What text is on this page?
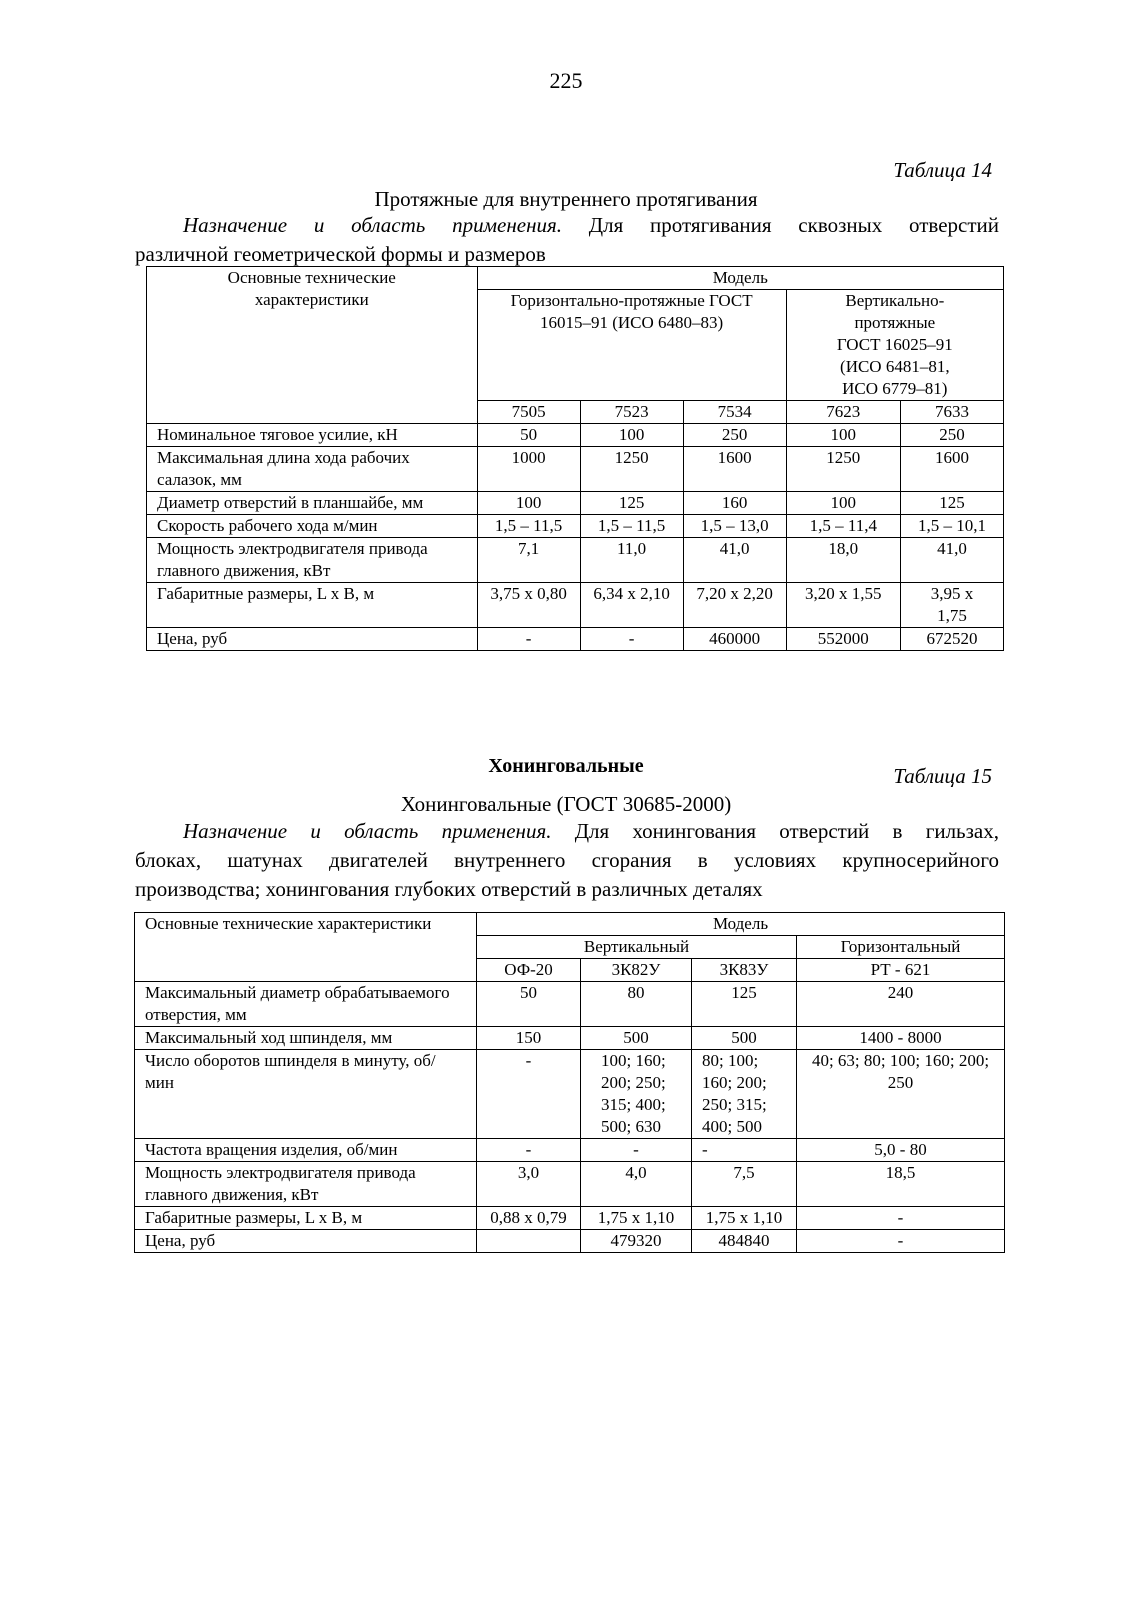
225
Таблица 14
Протяжные для внутреннего протягивания
Назначение и область применения. Для протягивания сквозных отверстий
различной геометрической формы и размеров
Основные технические характеристики	Модель				
	Горизонтально-протяжные ГОСТ 16015–91 (ИСО 6480–83)			Вертикально-
протяжные
ГОСТ 16025–91
(ИСО 6481–81,
ИСО 6779–81)	

	7505	7523	7534	7623	7633
Номинальное тяговое усилие, кН	50	100	250	100	250
Максимальная длина хода рабочих салазок, мм	1000	1250	1600	1250	1600
Диаметр отверстий в планшайбе, мм	100	125	160	100	125
Скорость рабочего хода м/мин	1,5 – 11,5	1,5 – 11,5	1,5 – 13,0	1,5 – 11,4	1,5 – 10,1
Мощность электродвигателя привода главного движения, кВт	7,1	11,0	41,0	18,0	41,0
Габаритные размеры, L x B, м	3,75 x 0,80	6,34 x 2,10	7,20 x 2,20	3,20 x 1,55	3,95 x 1,75
Цена, руб	-	-	460000	552000	672520
Хонинговальные	Таблица 15
Хонинговальные (ГОСТ 30685-2000)
Назначение и область применения. Для хонингования отверстий в гильзах,
блоках, шатунах двигателей внутреннего сгорания в условиях крупносерийного
производства; хонингования глубоких отверстий в различных деталях
Основные технические характеристики	Модель			
	Вертикальный			Горизонтальный
	ОФ-20	3К82У	3К83У	РТ - 621
Максимальный диаметр обрабатываемого отверстия, мм	50	80	125	240
Максимальный ход шпинделя, мм	150	500	500	1400 - 8000
Число оборотов шпинделя в минуту, об/мин	-	100; 160; 200; 250; 315; 400; 500; 630	80; 100; 160; 200; 250; 315; 400; 500	40; 63; 80; 100; 160; 200; 250
Частота вращения изделия, об/мин	-	-	-	5,0 - 80
Мощность электродвигателя привода главного движения, кВт	3,0	4,0	7,5	18,5
Габаритные размеры, L x B, м	0,88 x 0,79	1,75 x 1,10	1,75 x 1,10	-
Цена, руб		479320	484840	-
